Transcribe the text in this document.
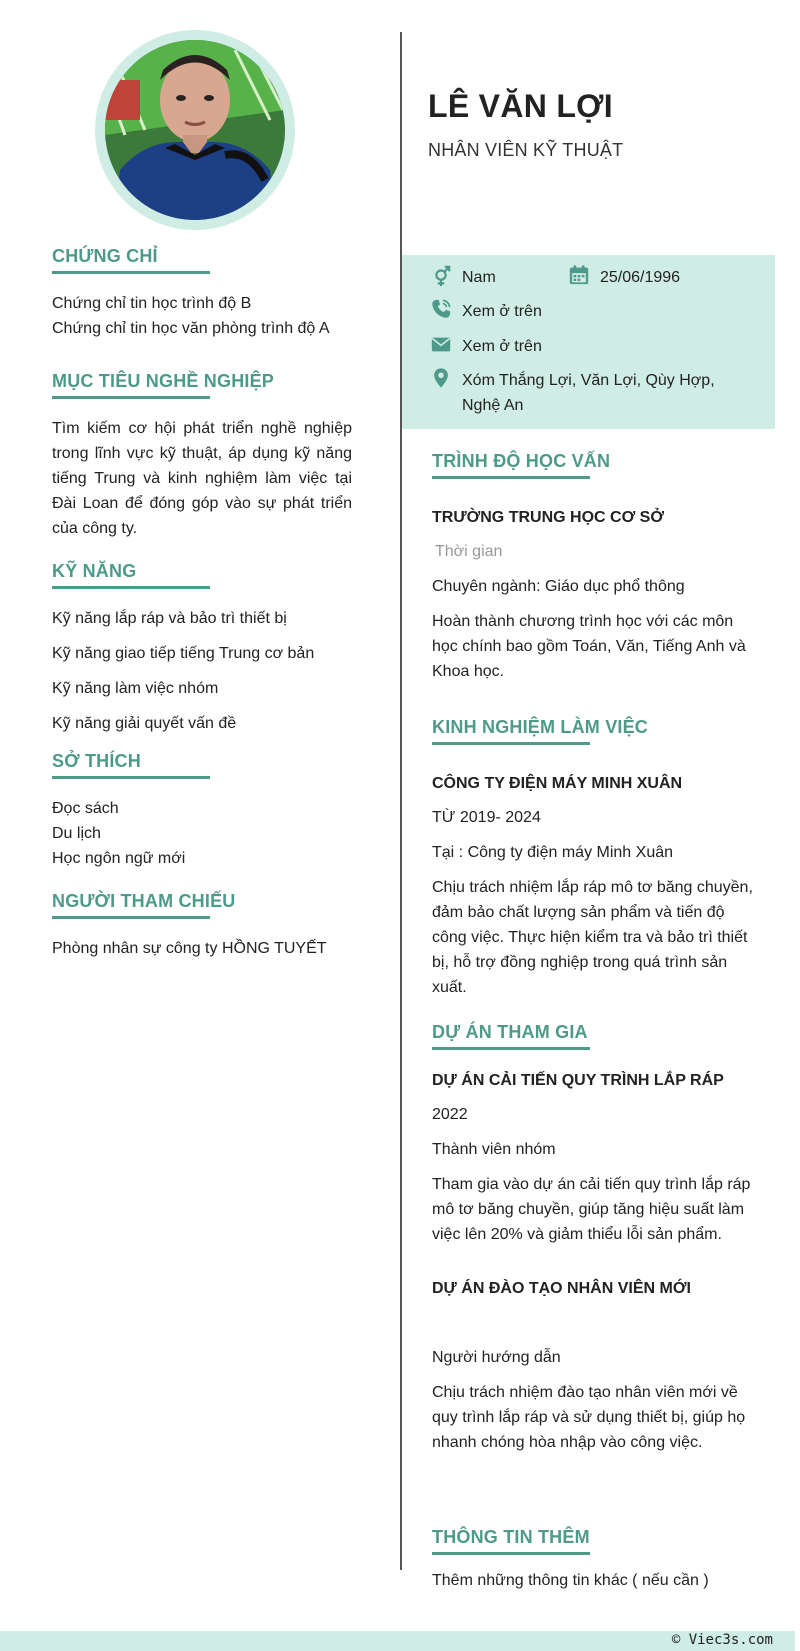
CHỨNG CHỈ
Chứng chỉ tin học trình độ B
Chứng chỉ tin học văn phòng trình độ A
MỤC TIÊU NGHỀ NGHIỆP
Tìm kiếm cơ hội phát triển nghề nghiệp trong lĩnh vực kỹ thuật, áp dụng kỹ năng tiếng Trung và kinh nghiệm làm việc tại Đài Loan để đóng góp vào sự phát triển của công ty.
KỸ NĂNG
Kỹ năng lắp ráp và bảo trì thiết bị
Kỹ năng giao tiếp tiếng Trung cơ bản
Kỹ năng làm việc nhóm
Kỹ năng giải quyết vấn đề
SỞ THÍCH
Đọc sách
Du lịch
Học ngôn ngữ mới
NGƯỜI THAM CHIẾU
Phòng nhân sự công ty HỒNG TUYẾT
LÊ VĂN LỢI
NHÂN VIÊN KỸ THUẬT
Nam	25/06/1996
Xem ở trên
Xem ở trên
Xóm Thắng Lợi, Văn Lợi, Qùy Hợp,
Nghệ An
TRÌNH ĐỘ HỌC VẤN
TRƯỜNG TRUNG HỌC CƠ SỞ
Thời gian
Chuyên ngành: Giáo dục phổ thông
Hoàn thành chương trình học với các môn học chính bao gồm Toán, Văn, Tiếng Anh và Khoa học.
KINH NGHIỆM LÀM VIỆC
CÔNG TY ĐIỆN MÁY MINH XUÂN
TỪ 2019- 2024
Tại : Công ty điện máy Minh Xuân
Chịu trách nhiệm lắp ráp mô tơ băng chuyền, đảm bảo chất lượng sản phẩm và tiến độ công việc. Thực hiện kiểm tra và bảo trì thiết bị, hỗ trợ đồng nghiệp trong quá trình sản xuất.
DỰ ÁN THAM GIA
DỰ ÁN CẢI TIẾN QUY TRÌNH LẮP RÁP
2022
Thành viên nhóm
Tham gia vào dự án cải tiến quy trình lắp ráp mô tơ băng chuyền, giúp tăng hiệu suất làm việc lên 20% và giảm thiểu lỗi sản phẩm.
DỰ ÁN ĐÀO TẠO NHÂN VIÊN MỚI
Người hướng dẫn
Chịu trách nhiệm đào tạo nhân viên mới về quy trình lắp ráp và sử dụng thiết bị, giúp họ nhanh chóng hòa nhập vào công việc.
THÔNG TIN THÊM
Thêm những thông tin khác ( nếu cần )
© Viec3s.com
